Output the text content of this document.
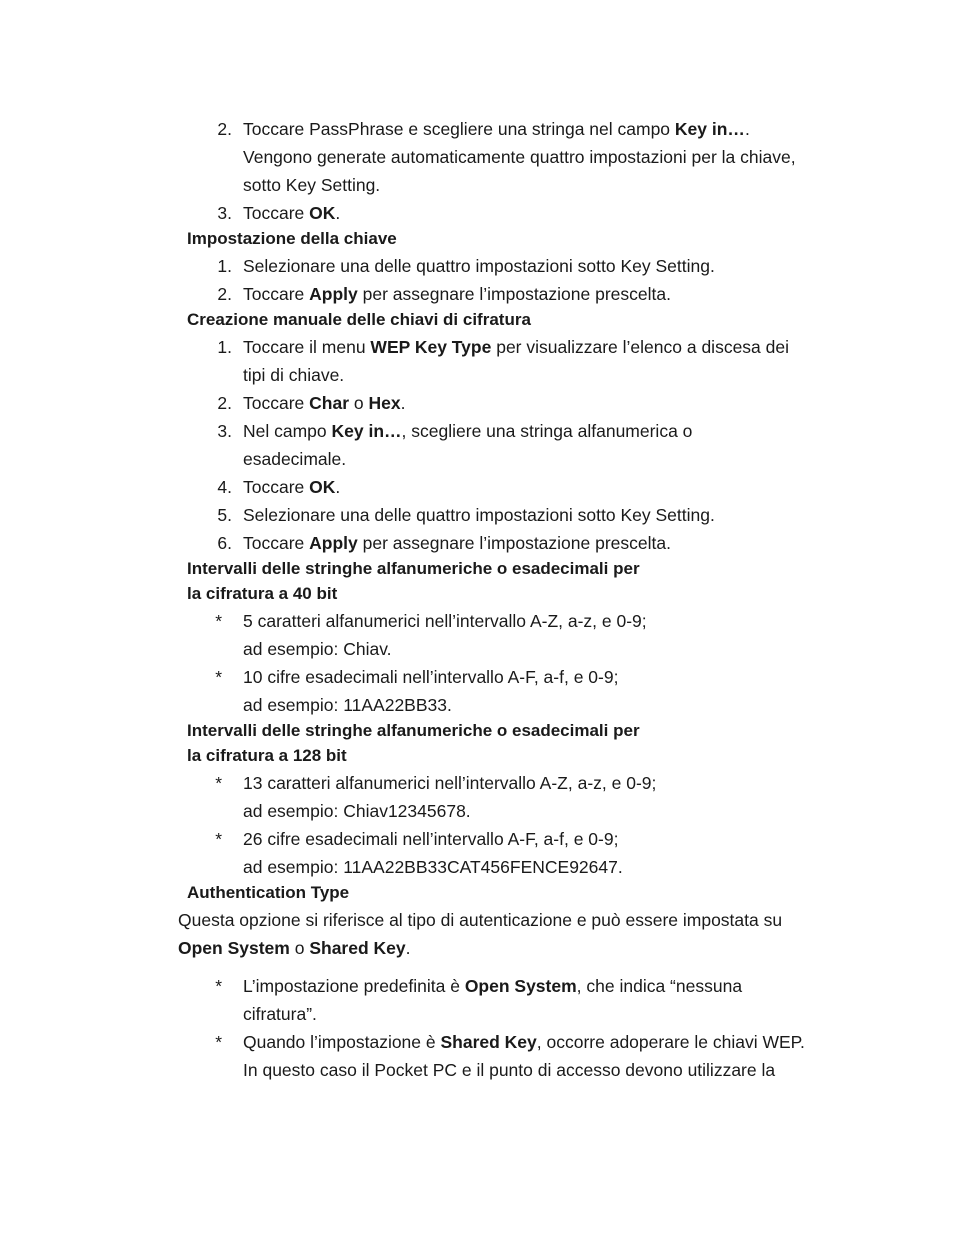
2. Toccare PassPhrase e scegliere una stringa nel campo Key in….
Vengono generate automaticamente quattro impostazioni per la chiave,
sotto Key Setting.
3. Toccare OK.
Impostazione della chiave
1. Selezionare una delle quattro impostazioni sotto Key Setting.
2. Toccare Apply per assegnare l’impostazione prescelta.
Creazione manuale delle chiavi di cifratura
1. Toccare il menu WEP Key Type per visualizzare l’elenco a discesa dei
tipi di chiave.
2. Toccare Char o Hex.
3. Nel campo Key in…, scegliere una stringa alfanumerica o
esadecimale.
4. Toccare OK.
5. Selezionare una delle quattro impostazioni sotto Key Setting.
6. Toccare Apply per assegnare l’impostazione prescelta.
Intervalli delle stringhe alfanumeriche o esadecimali per
la cifratura a 40 bit
* 5 caratteri alfanumerici nell’intervallo A-Z, a-z, e 0-9;
ad esempio: Chiav.
* 10 cifre esadecimali nell’intervallo A-F, a-f, e 0-9;
ad esempio: 11AA22BB33.
Intervalli delle stringhe alfanumeriche o esadecimali per
la cifratura a 128 bit
* 13 caratteri alfanumerici nell’intervallo A-Z, a-z, e 0-9;
ad esempio: Chiav12345678.
* 26 cifre esadecimali nell’intervallo A-F, a-f, e 0-9;
ad esempio: 11AA22BB33CAT456FENCE92647.
Authentication Type
Questa opzione si riferisce al tipo di autenticazione e può essere impostata su
Open System o Shared Key.
* L’impostazione predefinita è Open System, che indica “nessuna
cifratura”.
* Quando l’impostazione è Shared Key, occorre adoperare le chiavi WEP.
In questo caso il Pocket PC e il punto di accesso devono utilizzare la
